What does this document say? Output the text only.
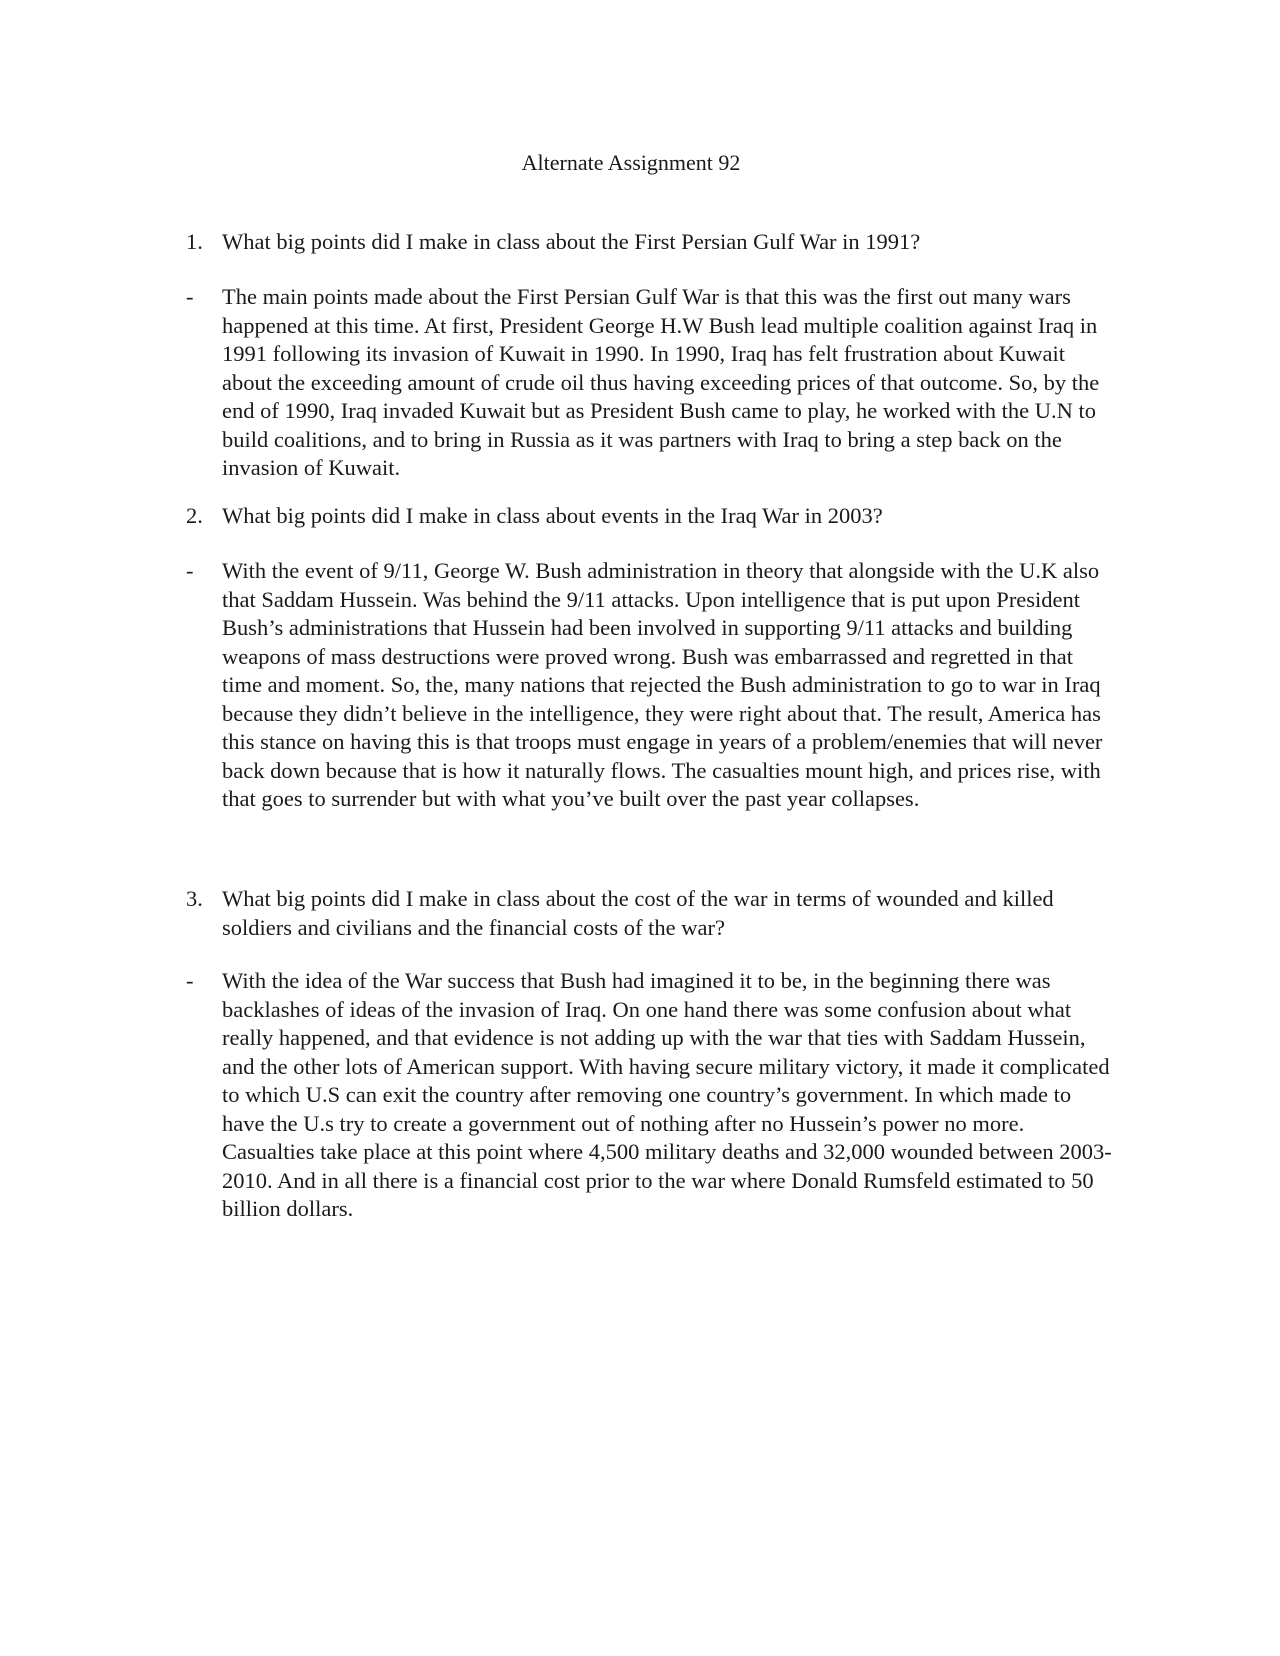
Alternate Assignment 92
1. What big points did I make in class about the First Persian Gulf War in 1991?
-	The main points made about the First Persian Gulf War is that this was the first out many wars happened at this time. At first, President George H.W Bush lead multiple coalition against Iraq in 1991 following its invasion of Kuwait in 1990. In 1990, Iraq has felt frustration about Kuwait about the exceeding amount of crude oil thus having exceeding prices of that outcome. So, by the end of 1990, Iraq invaded Kuwait but as President Bush came to play, he worked with the U.N to build coalitions, and to bring in Russia as it was partners with Iraq to bring a step back on the invasion of Kuwait.
2. What big points did I make in class about events in the Iraq War in 2003?
-	With the event of 9/11, George W. Bush administration in theory that alongside with the U.K also that Saddam Hussein. Was behind the 9/11 attacks. Upon intelligence that is put upon President Bush’s administrations that Hussein had been involved in supporting 9/11 attacks and building weapons of mass destructions were proved wrong. Bush was embarrassed and regretted in that time and moment. So, the, many nations that rejected the Bush administration to go to war in Iraq because they didn’t believe in the intelligence, they were right about that. The result, America has this stance on having this is that troops must engage in years of a problem/enemies that will never back down because that is how it naturally flows. The casualties mount high, and prices rise, with that goes to surrender but with what you’ve built over the past year collapses.
3. What big points did I make in class about the cost of the war in terms of wounded and killed soldiers and civilians and the financial costs of the war?
-	With the idea of the War success that Bush had imagined it to be, in the beginning there was backlashes of ideas of the invasion of Iraq. On one hand there was some confusion about what really happened, and that evidence is not adding up with the war that ties with Saddam Hussein, and the other lots of American support. With having secure military victory, it made it complicated to which U.S can exit the country after removing one country’s government. In which made to have the U.s try to create a government out of nothing after no Hussein’s power no more. Casualties take place at this point where 4,500 military deaths and 32,000 wounded between 2003-2010. And in all there is a financial cost prior to the war where Donald Rumsfeld estimated to 50 billion dollars.
